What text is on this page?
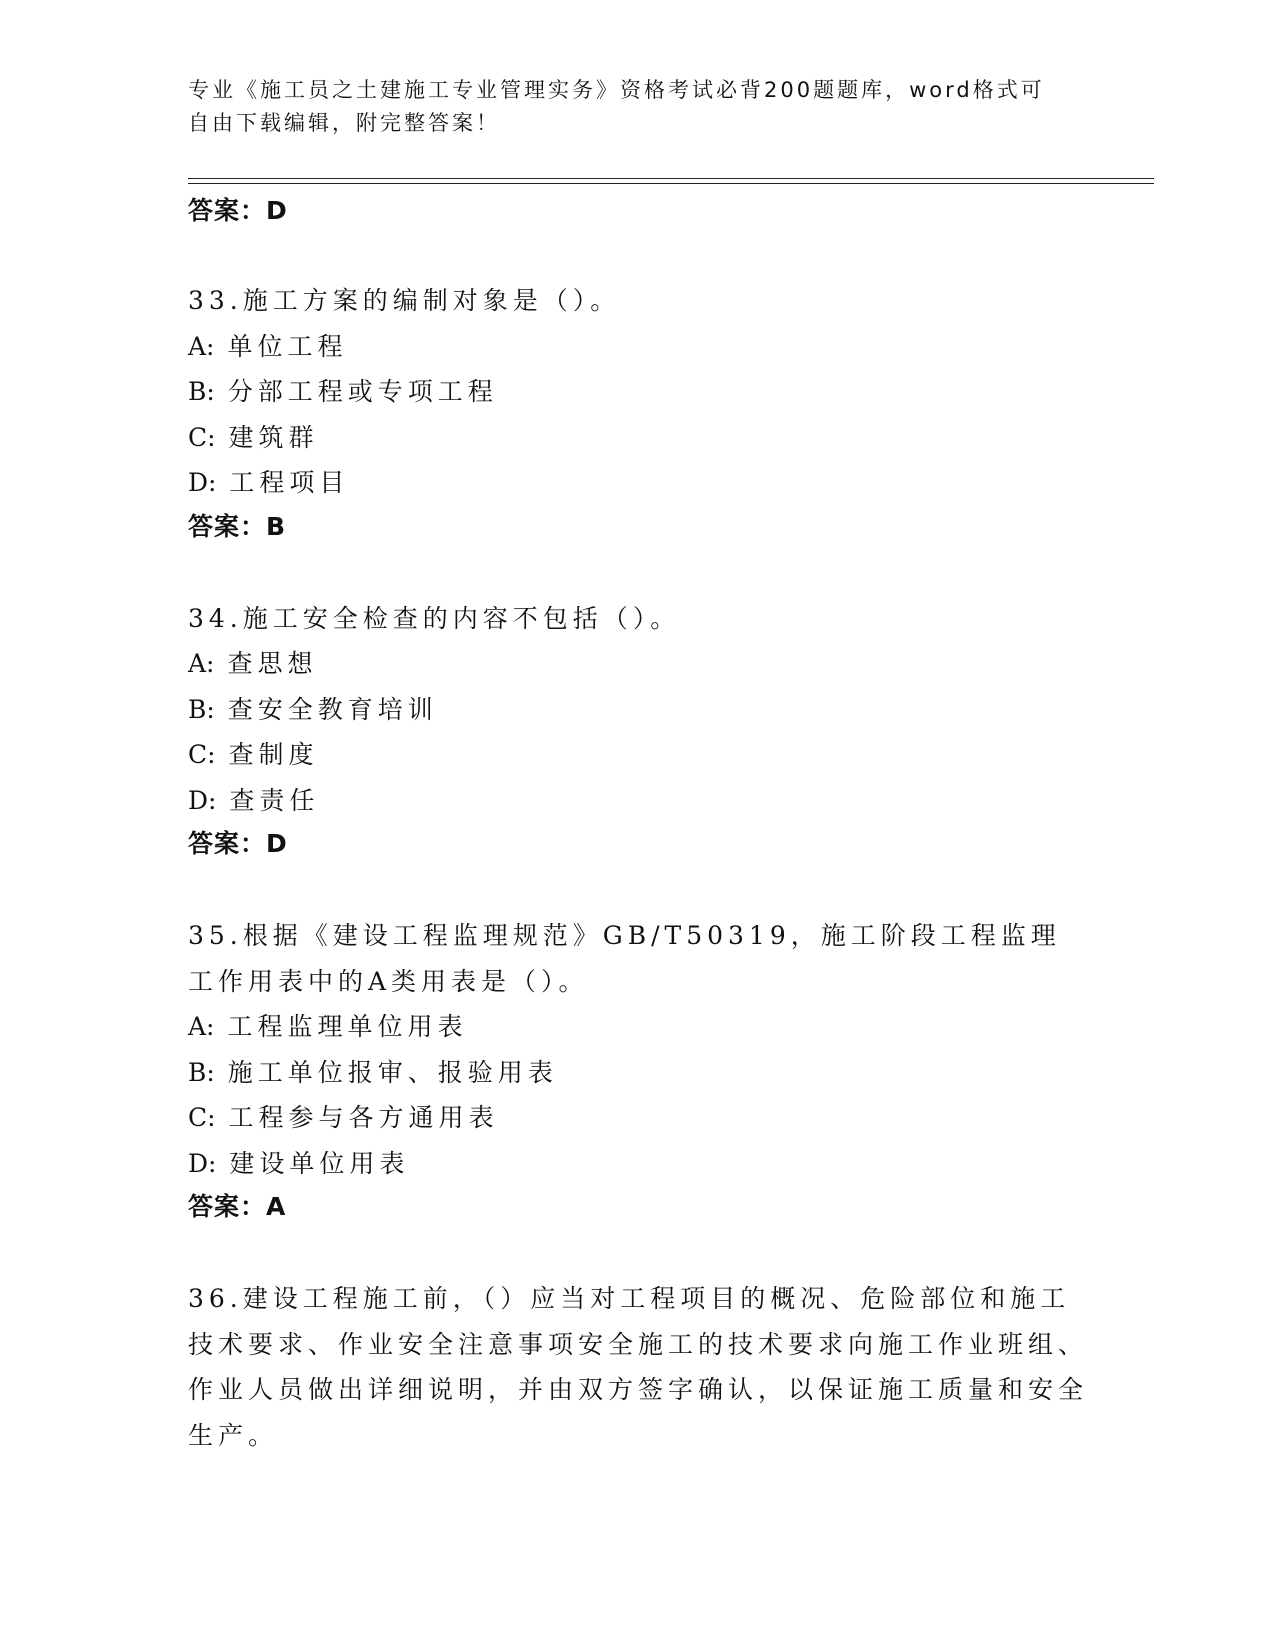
专业《施工员之土建施工专业管理实务》资格考试必背200题题库，word格式可
自由下载编辑，附完整答案！
答案：D
33.施工方案的编制对象是（）。
A: 单位工程
B: 分部工程或专项工程
C: 建筑群
D: 工程项目
答案：B
34.施工安全检查的内容不包括（）。
A: 查思想
B: 查安全教育培训
C: 查制度
D: 查责任
答案：D
35.根据《建设工程监理规范》GB/T50319，施工阶段工程监理工作用表中的A类用表是（）。
A: 工程监理单位用表
B: 施工单位报审、报验用表
C: 工程参与各方通用表
D: 建设单位用表
答案：A
36.建设工程施工前，（）应当对工程项目的概况、危险部位和施工技术要求、作业安全注意事项安全施工的技术要求向施工作业班组、作业人员做出详细说明，并由双方签字确认，以保证施工质量和安全生产。
